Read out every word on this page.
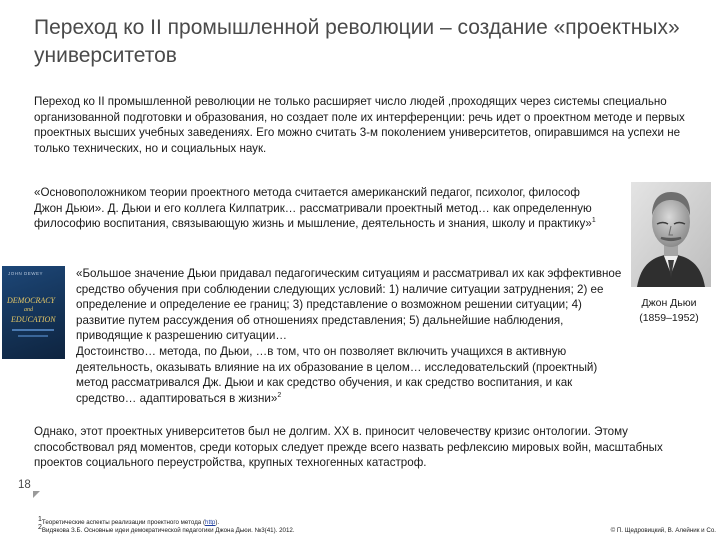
Переход ко II промышленной революции – создание «проектных» университетов

Переход ко II промышленной революции не только расширяет число людей ,проходящих через системы специально организованной подготовки и образования, но создает поле их интерференции: речь идет о проектном методе и первых проектных высших учебных заведениях. Его можно считать 3-м поколением университетов, опиравшимся на успехи не только технических, но и социальных наук.

«Основоположником теории проектного метода считается американский педагог, психолог, философ Джон Дьюи». Д. Дьюи и его коллега Килпатрик… рассматривали проектный метод… как определенную философию воспитания, связывающую жизнь и мышление, деятельность и знания, школу и практику»$^1$

JOHN DEWEY
DEMOCRACY
and
EDUCATION
«Большое значение Дьюи придавал педагогическим ситуациям и рассматривал их как эффективное средство обучения при соблюдении следующих условий: 1) наличие ситуации затруднения; 2) ее определение и определение ее границ; 3) представление о возможном решении ситуации; 4) развитие путем рассуждения об отношениях представления; 5) дальнейшие наблюдения, приводящие к разрешению ситуации…
Достоинство… метода, по Дьюи, …в том, что он позволяет включить учащихся в активную деятельность, оказывать влияние на их образование в целом… исследовательский (проектный) метод рассматривался Дж. Дьюи и как средство обучения, и как средство воспитания, и как средство… адаптироваться в жизни»$^2$
Джон Дьюи
(1859–1952)

Однако, этот проектных университетов был не долгим. XX в. приносит человечеству кризис онтологии. Этому способствовал ряд моментов, среди которых следует прежде всего назвать рефлексию мировых войн, масштабных проектов социального переустройства, крупных техногенных катастроф.

18
$^1$Теоретические аспекты реализации проектного метода (http).
$^2$Видякова З.Б. Основные идеи демократической педагогики Джона Дьюи. №3(41). 2012.	© П. Щедровицкий, В. Алейник и Со.
